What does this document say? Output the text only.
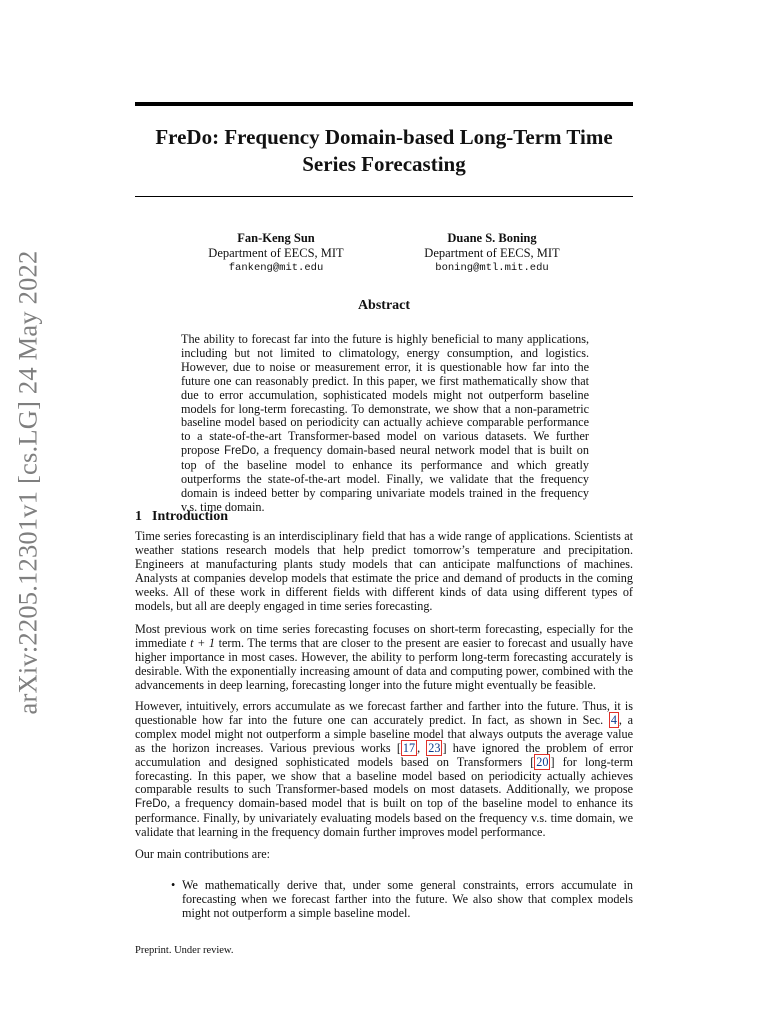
arXiv:2205.12301v1 [cs.LG] 24 May 2022
FreDo: Frequency Domain-based Long-Term Time Series Forecasting
Fan-Keng Sun
Department of EECS, MIT
fankeng@mit.edu
Duane S. Boning
Department of EECS, MIT
boning@mtl.mit.edu
Abstract

The ability to forecast far into the future is highly beneficial to many applications, including but not limited to climatology, energy consumption, and logistics. However, due to noise or measurement error, it is questionable how far into the future one can reasonably predict. In this paper, we first mathematically show that due to error accumulation, sophisticated models might not outperform baseline models for long-term forecasting. To demonstrate, we show that a non-parametric baseline model based on periodicity can actually achieve comparable performance to a state-of-the-art Transformer-based model on various datasets. We further propose FreDo, a frequency domain-based neural network model that is built on top of the baseline model to enhance its performance and which greatly outperforms the state-of-the-art model. Finally, we validate that the frequency domain is indeed better by comparing univariate models trained in the frequency v.s. time domain.

1 Introduction

Time series forecasting is an interdisciplinary field that has a wide range of applications. Scientists at weather stations research models that help predict tomorrow’s temperature and precipitation. Engineers at manufacturing plants study models that can anticipate malfunctions of machines. Analysts at companies develop models that estimate the price and demand of products in the coming weeks. All of these work in different fields with different kinds of data using different types of models, but all are deeply engaged in time series forecasting.

Most previous work on time series forecasting focuses on short-term forecasting, especially for the immediate t + 1 term. The terms that are closer to the present are easier to forecast and usually have higher importance in most cases. However, the ability to perform long-term forecasting accurately is desirable. With the exponentially increasing amount of data and computing power, combined with the advancements in deep learning, forecasting longer into the future might eventually be feasible.

However, intuitively, errors accumulate as we forecast farther and farther into the future. Thus, it is questionable how far into the future one can accurately predict. In fact, as shown in Sec. 4 , a complex model might not outperform a simple baseline model that always outputs the average value as the horizon increases. Various previous works [ 17 , 23 ] have ignored the problem of error accumulation and designed sophisticated models based on Transformers [ 20 ] for long-term forecasting. In this paper, we show that a baseline model based on periodicity actually achieves comparable results to such Transformer-based models on most datasets. Additionally, we propose FreDo, a frequency domain-based model that is built on top of the baseline model to enhance its performance. Finally, by univariately evaluating models based on the frequency v.s. time domain, we validate that learning in the frequency domain further improves model performance.

Our main contributions are:

• We mathematically derive that, under some general constraints, errors accumulate in forecasting when we forecast farther into the future. We also show that complex models might not outperform a simple baseline model.

Preprint. Under review.
